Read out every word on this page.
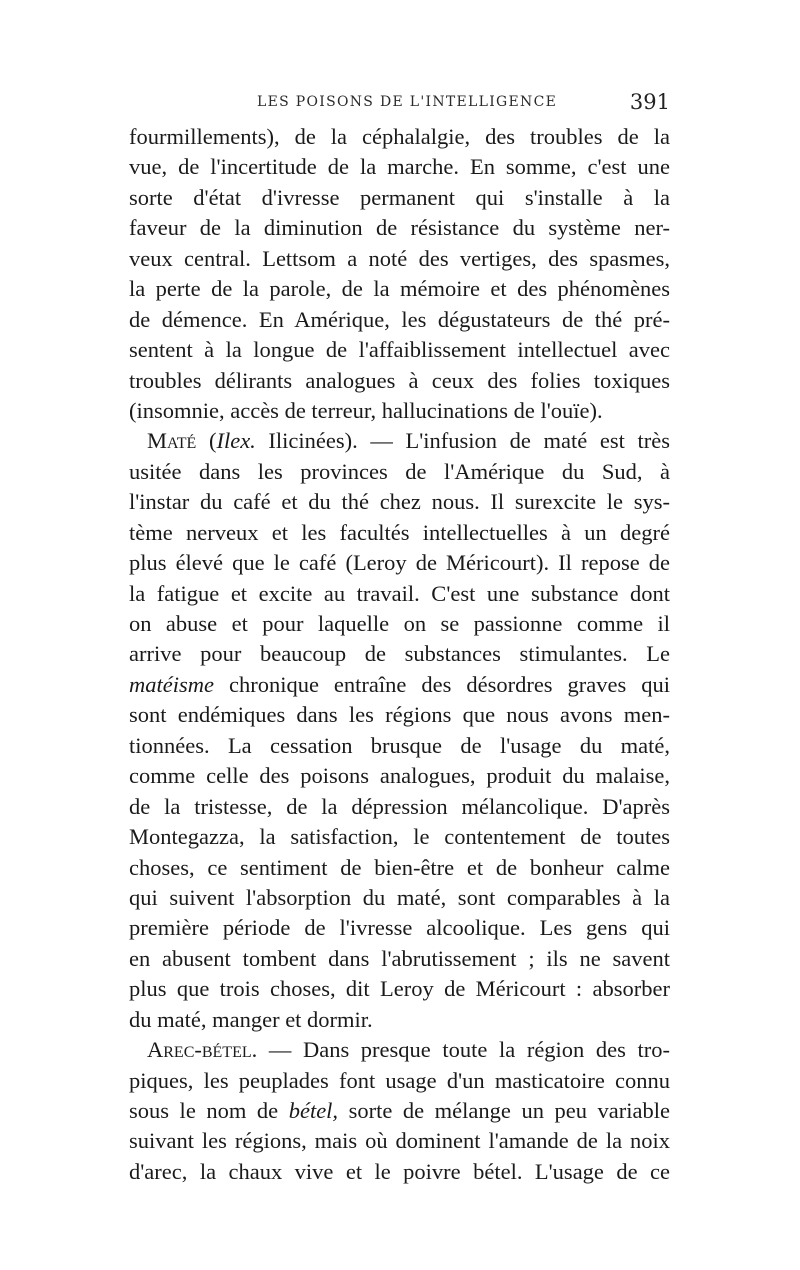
LES POISONS DE L'INTELLIGENCE	391
fourmillements), de la céphalalgie, des troubles de la
vue, de l'incertitude de la marche. En somme, c'est une
sorte d'état d'ivresse permanent qui s'installe à la
faveur de la diminution de résistance du système ner-
veux central. Lettsom a noté des vertiges, des spasmes,
la perte de la parole, de la mémoire et des phénomènes
de démence. En Amérique, les dégustateurs de thé pré-
sentent à la longue de l'affaiblissement intellectuel avec
troubles délirants analogues à ceux des folies toxiques
(insomnie, accès de terreur, hallucinations de l'ouïe).
Maté (Ilex. Ilicinées). — L'infusion de maté est très
usitée dans les provinces de l'Amérique du Sud, à
l'instar du café et du thé chez nous. Il surexcite le sys-
tème nerveux et les facultés intellectuelles à un degré
plus élevé que le café (Leroy de Méricourt). Il repose de
la fatigue et excite au travail. C'est une substance dont
on abuse et pour laquelle on se passionne comme il
arrive pour beaucoup de substances stimulantes. Le
matéisme chronique entraîne des désordres graves qui
sont endémiques dans les régions que nous avons men-
tionnées. La cessation brusque de l'usage du maté,
comme celle des poisons analogues, produit du malaise,
de la tristesse, de la dépression mélancolique. D'après
Montegazza, la satisfaction, le contentement de toutes
choses, ce sentiment de bien-être et de bonheur calme
qui suivent l'absorption du maté, sont comparables à la
première période de l'ivresse alcoolique. Les gens qui
en abusent tombent dans l'abrutissement ; ils ne savent
plus que trois choses, dit Leroy de Méricourt : absorber
du maté, manger et dormir.
Arec-bétel. — Dans presque toute la région des tro-
piques, les peuplades font usage d'un masticatoire connu
sous le nom de bétel, sorte de mélange un peu variable
suivant les régions, mais où dominent l'amande de la noix
d'arec, la chaux vive et le poivre bétel. L'usage de ce
